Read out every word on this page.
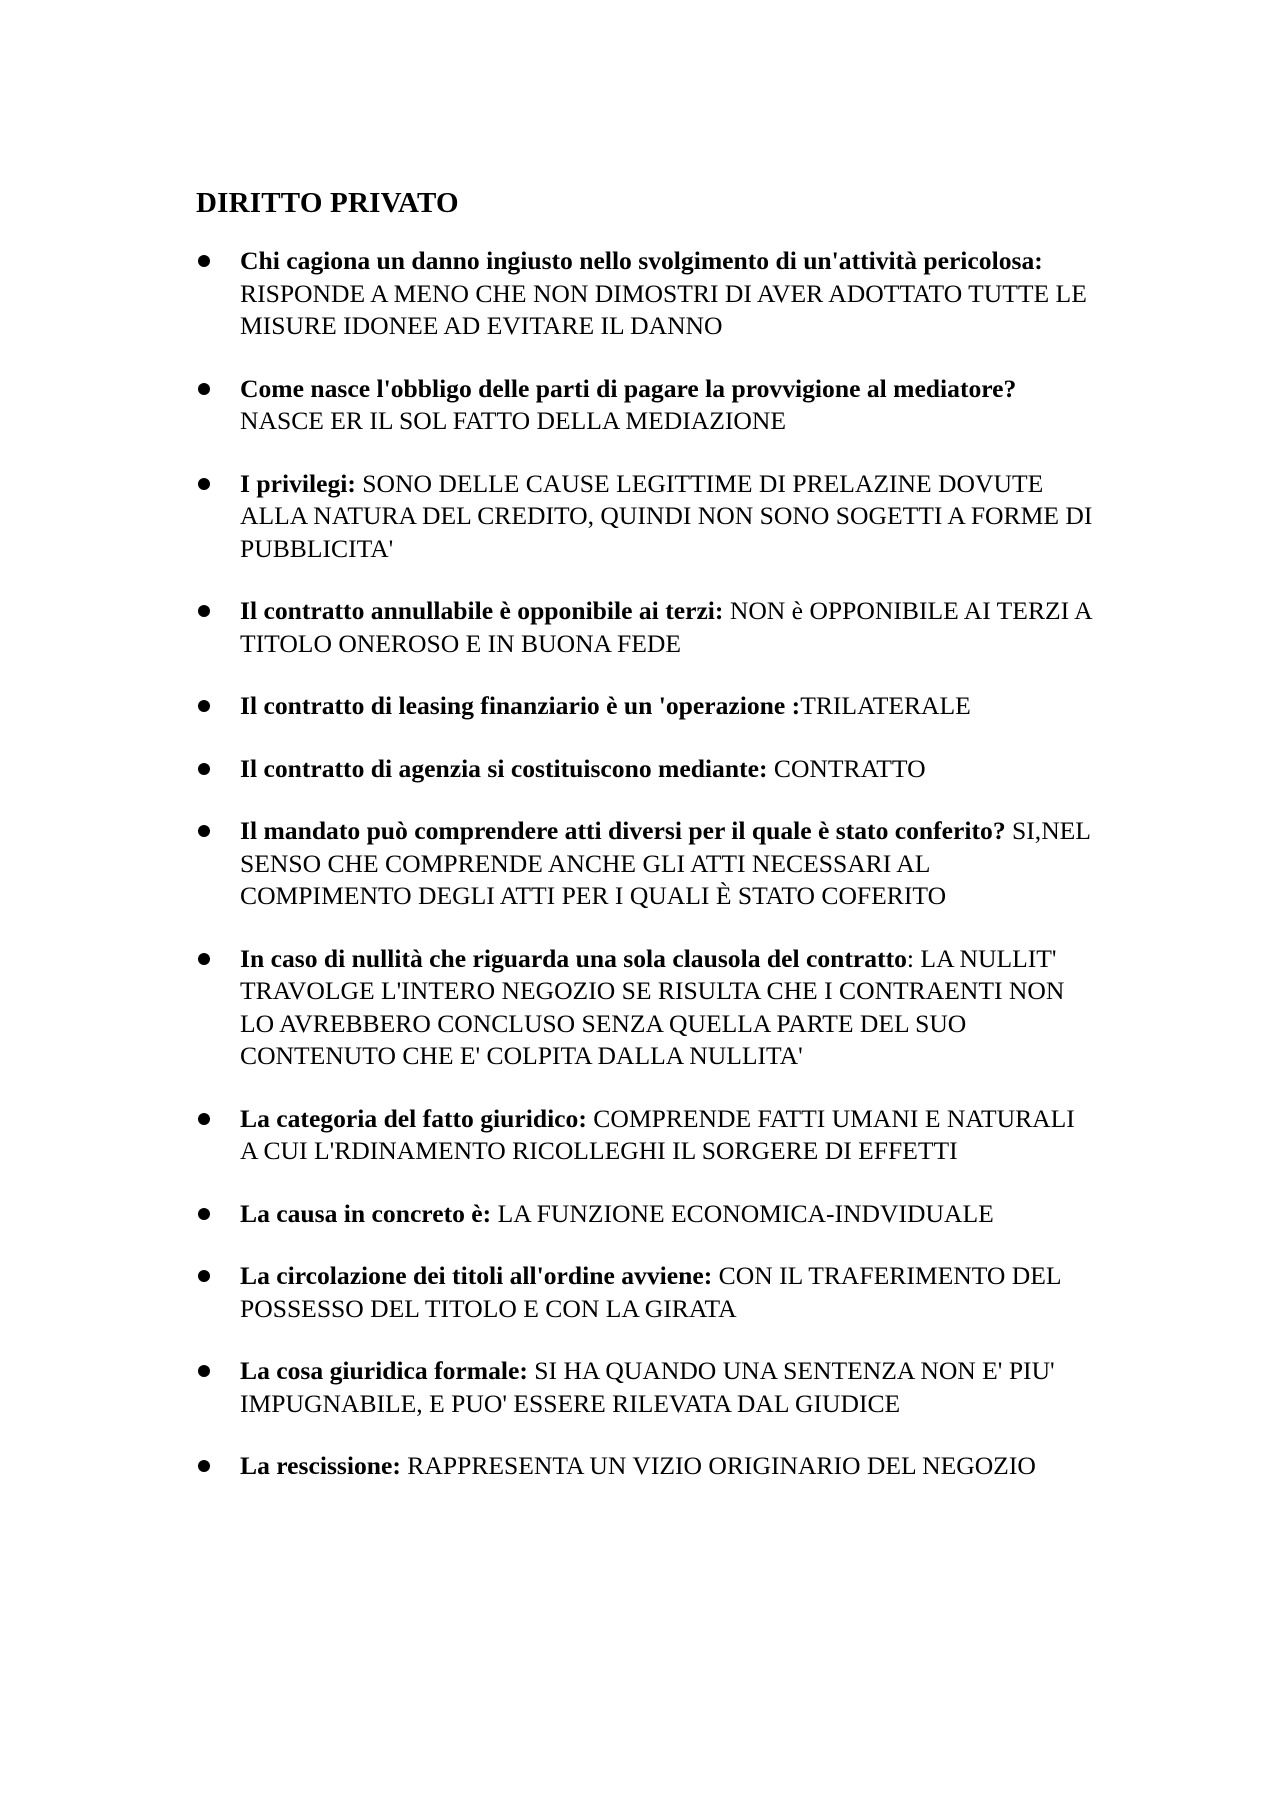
DIRITTO PRIVATO
Chi cagiona un danno ingiusto nello svolgimento di un'attività pericolosa: RISPONDE A MENO CHE NON DIMOSTRI DI AVER ADOTTATO TUTTE LE MISURE IDONEE AD EVITARE IL DANNO
Come nasce l'obbligo delle parti di pagare la provvigione al mediatore? NASCE ER IL SOL FATTO DELLA MEDIAZIONE
I privilegi: SONO DELLE CAUSE LEGITTIME DI PRELAZINE DOVUTE ALLA NATURA DEL CREDITO, QUINDI NON SONO SOGETTI A FORME DI PUBBLICITA'
Il contratto annullabile è opponibile ai terzi: NON è OPPONIBILE AI TERZI A TITOLO ONEROSO E IN BUONA FEDE
Il contratto di leasing finanziario è un 'operazione :TRILATERALE
Il contratto di agenzia si costituiscono mediante: CONTRATTO
Il mandato può comprendere atti diversi per il quale è stato conferito? SI,NEL SENSO CHE COMPRENDE ANCHE GLI ATTI NECESSARI AL COMPIMENTO DEGLI ATTI PER I QUALI È STATO COFERITO
In caso di nullità che riguarda una sola clausola del contratto: LA NULLIT' TRAVOLGE L'INTERO NEGOZIO SE RISULTA CHE I CONTRAENTI NON LO AVREBBERO CONCLUSO SENZA QUELLA PARTE DEL SUO CONTENUTO CHE E' COLPITA DALLA NULLITA'
La categoria del fatto giuridico: COMPRENDE FATTI UMANI E NATURALI A CUI L'RDINAMENTO RICOLLEGHI IL SORGERE DI EFFETTI
La causa in concreto è: LA FUNZIONE ECONOMICA-INDVIDUALE
La circolazione dei titoli all'ordine avviene: CON IL TRAFERIMENTO DEL POSSESSO DEL TITOLO E CON LA GIRATA
La cosa giuridica formale: SI HA QUANDO UNA SENTENZA NON E' PIU' IMPUGNABILE, E PUO' ESSERE RILEVATA DAL GIUDICE
La rescissione: RAPPRESENTA UN VIZIO ORIGINARIO DEL NEGOZIO
